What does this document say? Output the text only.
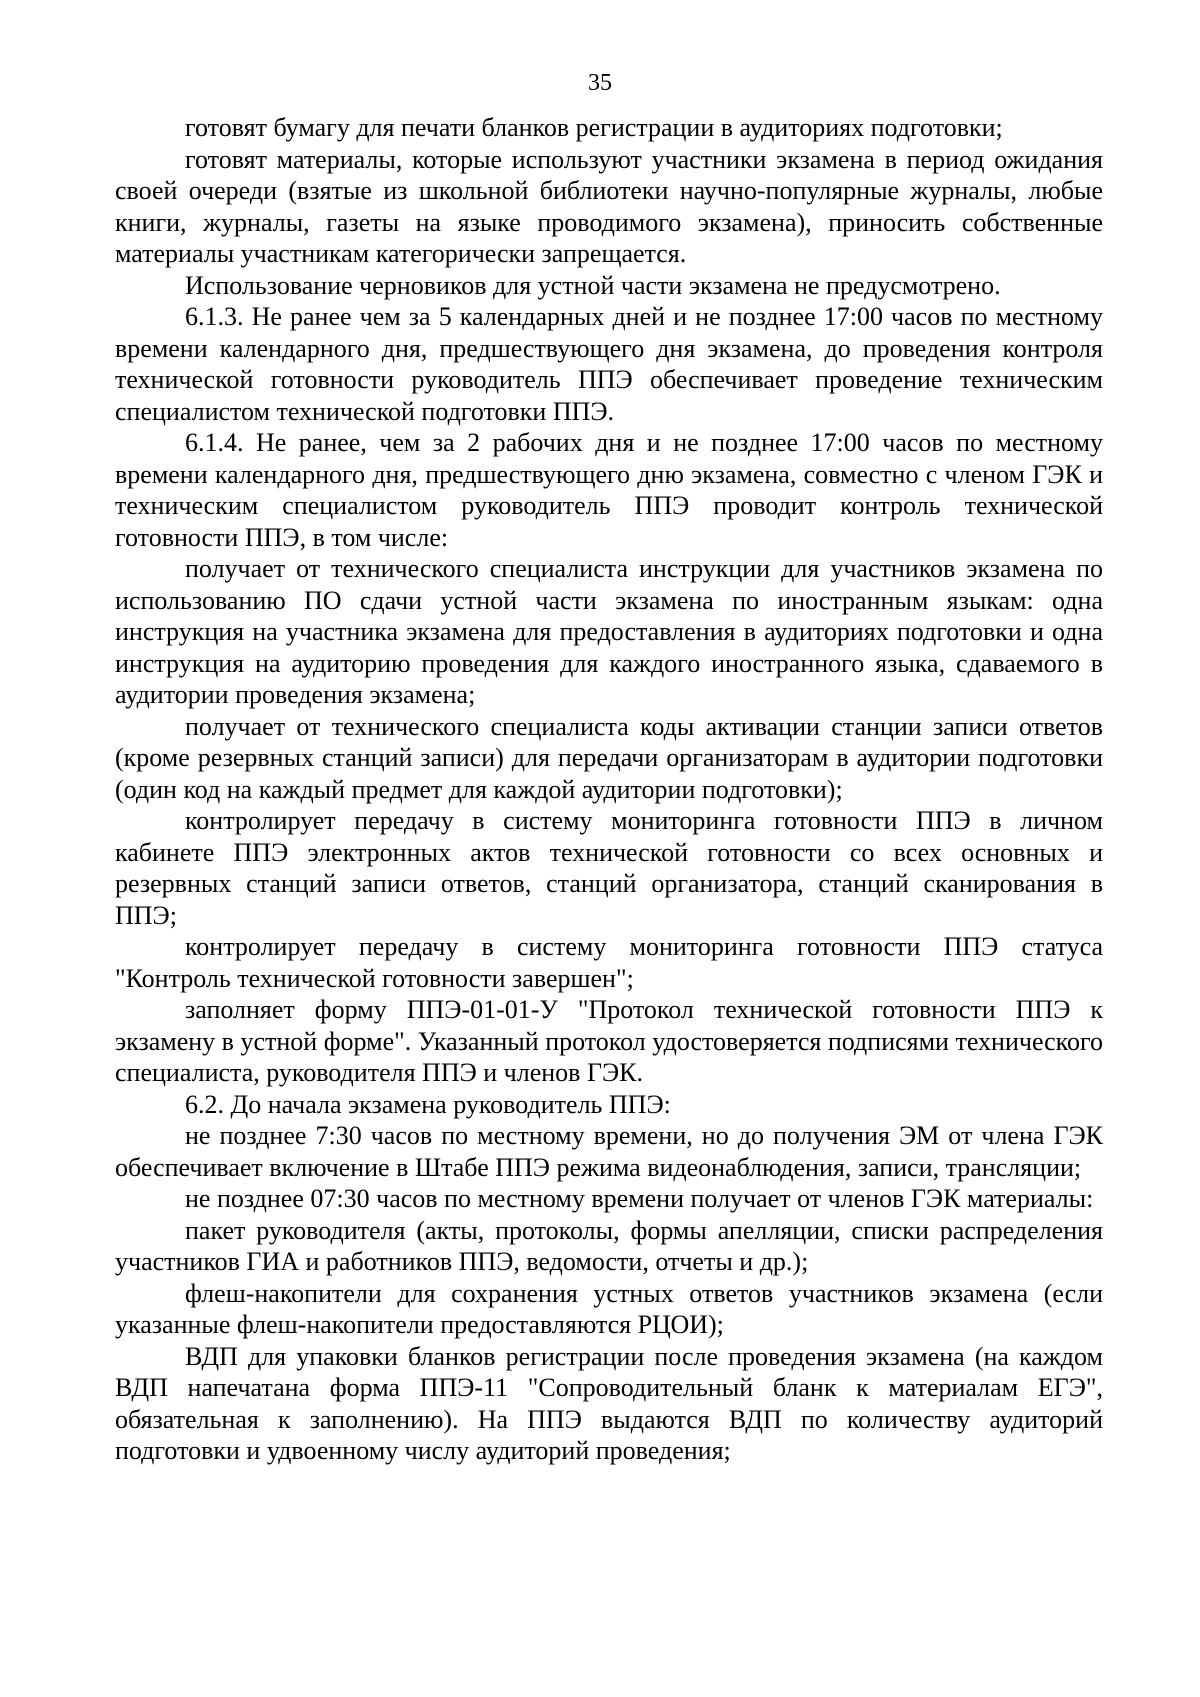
35

готовят бумагу для печати бланков регистрации в аудиториях подготовки;

готовят материалы, которые используют участники экзамена в период ожидания своей очереди (взятые из школьной библиотеки научно-популярные журналы, любые книги, журналы, газеты на языке проводимого экзамена), приносить собственные материалы участникам категорически запрещается.

Использование черновиков для устной части экзамена не предусмотрено.

6.1.3. Не ранее чем за 5 календарных дней и не позднее 17:00 часов по местному времени календарного дня, предшествующего дня экзамена, до проведения контроля технической готовности руководитель ППЭ обеспечивает проведение техническим специалистом технической подготовки ППЭ.

6.1.4. Не ранее, чем за 2 рабочих дня и не позднее 17:00 часов по местному времени календарного дня, предшествующего дню экзамена, совместно с членом ГЭК и техническим специалистом руководитель ППЭ проводит контроль технической готовности ППЭ, в том числе:

получает от технического специалиста инструкции для участников экзамена по использованию ПО сдачи устной части экзамена по иностранным языкам: одна инструкция на участника экзамена для предоставления в аудиториях подготовки и одна инструкция на аудиторию проведения для каждого иностранного языка, сдаваемого в аудитории проведения экзамена;

получает от технического специалиста коды активации станции записи ответов (кроме резервных станций записи) для передачи организаторам в аудитории подготовки (один код на каждый предмет для каждой аудитории подготовки);

контролирует передачу в систему мониторинга готовности ППЭ в личном кабинете ППЭ электронных актов технической готовности со всех основных и резервных станций записи ответов, станций организатора, станций сканирования в ППЭ;

контролирует передачу в систему мониторинга готовности ППЭ статуса "Контроль технической готовности завершен";

заполняет форму ППЭ-01-01-У "Протокол технической готовности ППЭ к экзамену в устной форме". Указанный протокол удостоверяется подписями технического специалиста, руководителя ППЭ и членов ГЭК.

6.2. До начала экзамена руководитель ППЭ:

не позднее 7:30 часов по местному времени, но до получения ЭМ от члена ГЭК обеспечивает включение в Штабе ППЭ режима видеонаблюдения, записи, трансляции;

не позднее 07:30 часов по местному времени получает от членов ГЭК материалы:

пакет руководителя (акты, протоколы, формы апелляции, списки распределения участников ГИА и работников ППЭ, ведомости, отчеты и др.);

флеш-накопители для сохранения устных ответов участников экзамена (если указанные флеш-накопители предоставляются РЦОИ);

ВДП для упаковки бланков регистрации после проведения экзамена (на каждом ВДП напечатана форма ППЭ-11 "Сопроводительный бланк к материалам ЕГЭ", обязательная к заполнению). На ППЭ выдаются ВДП по количеству аудиторий подготовки и удвоенному числу аудиторий проведения;
